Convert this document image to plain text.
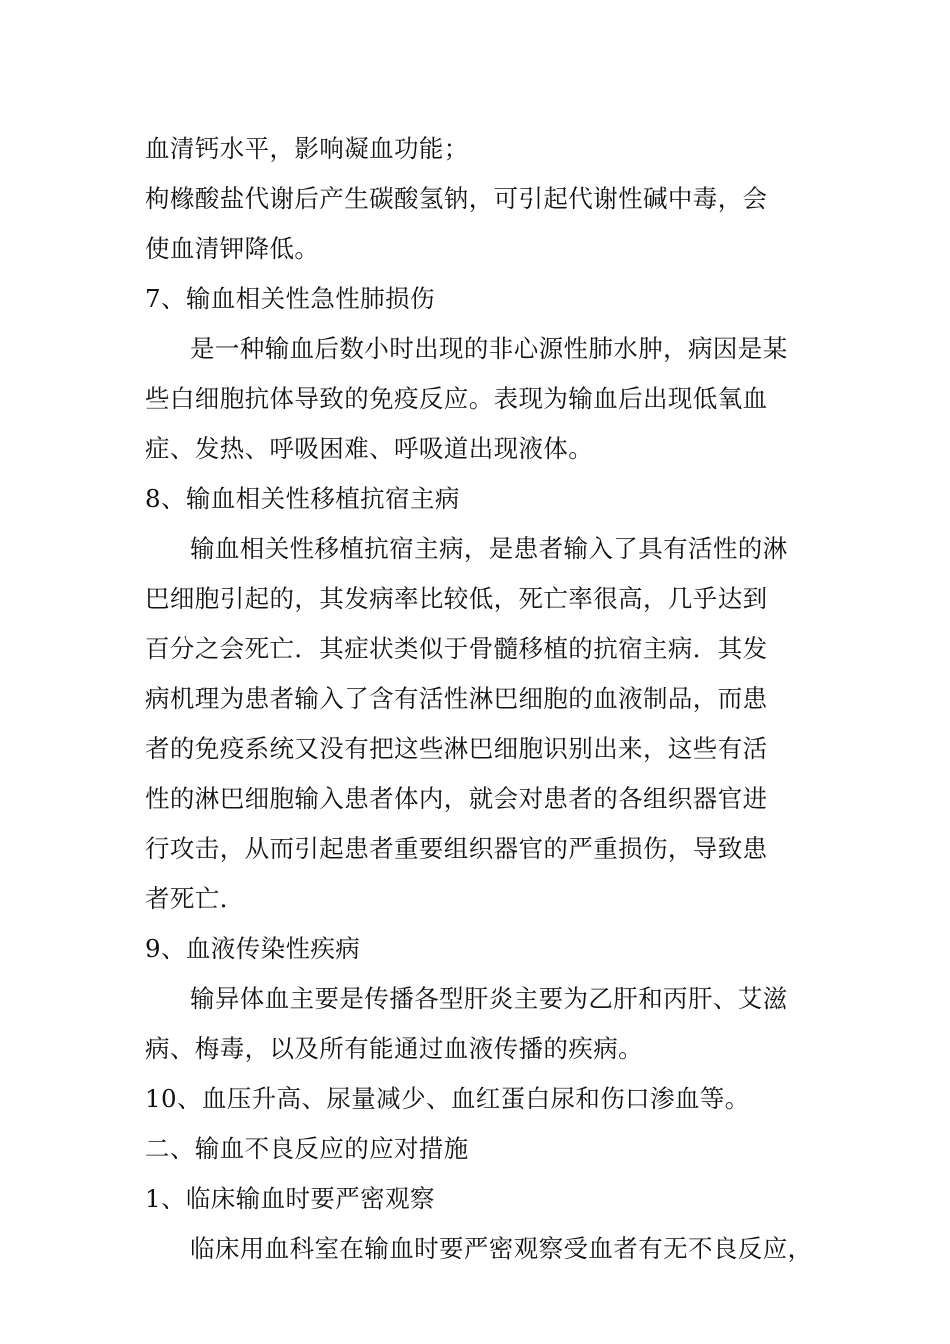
血清钙水平，影响凝血功能；
枸橼酸盐代谢后产生碳酸氢钠，可引起代谢性碱中毒，会
使血清钾降低。
7、输血相关性急性肺损伤
是一种输血后数小时出现的非心源性肺水肿，病因是某
些白细胞抗体导致的免疫反应。表现为输血后出现低氧血
症、发热、呼吸困难、呼吸道出现液体。
8、输血相关性移植抗宿主病
输血相关性移植抗宿主病，是患者输入了具有活性的淋
巴细胞引起的，其发病率比较低，死亡率很高，几乎达到
百分之会死亡．其症状类似于骨髓移植的抗宿主病．其发
病机理为患者输入了含有活性淋巴细胞的血液制品，而患
者的免疫系统又没有把这些淋巴细胞识别出来，这些有活
性的淋巴细胞输入患者体内，就会对患者的各组织器官进
行攻击，从而引起患者重要组织器官的严重损伤，导致患
者死亡．
9、血液传染性疾病
输异体血主要是传播各型肝炎主要为乙肝和丙肝、艾滋
病、梅毒，以及所有能通过血液传播的疾病。
10、血压升高、尿量减少、血红蛋白尿和伤口渗血等。
二、输血不良反应的应对措施
1、临床输血时要严密观察
临床用血科室在输血时要严密观察受血者有无不良反应，
